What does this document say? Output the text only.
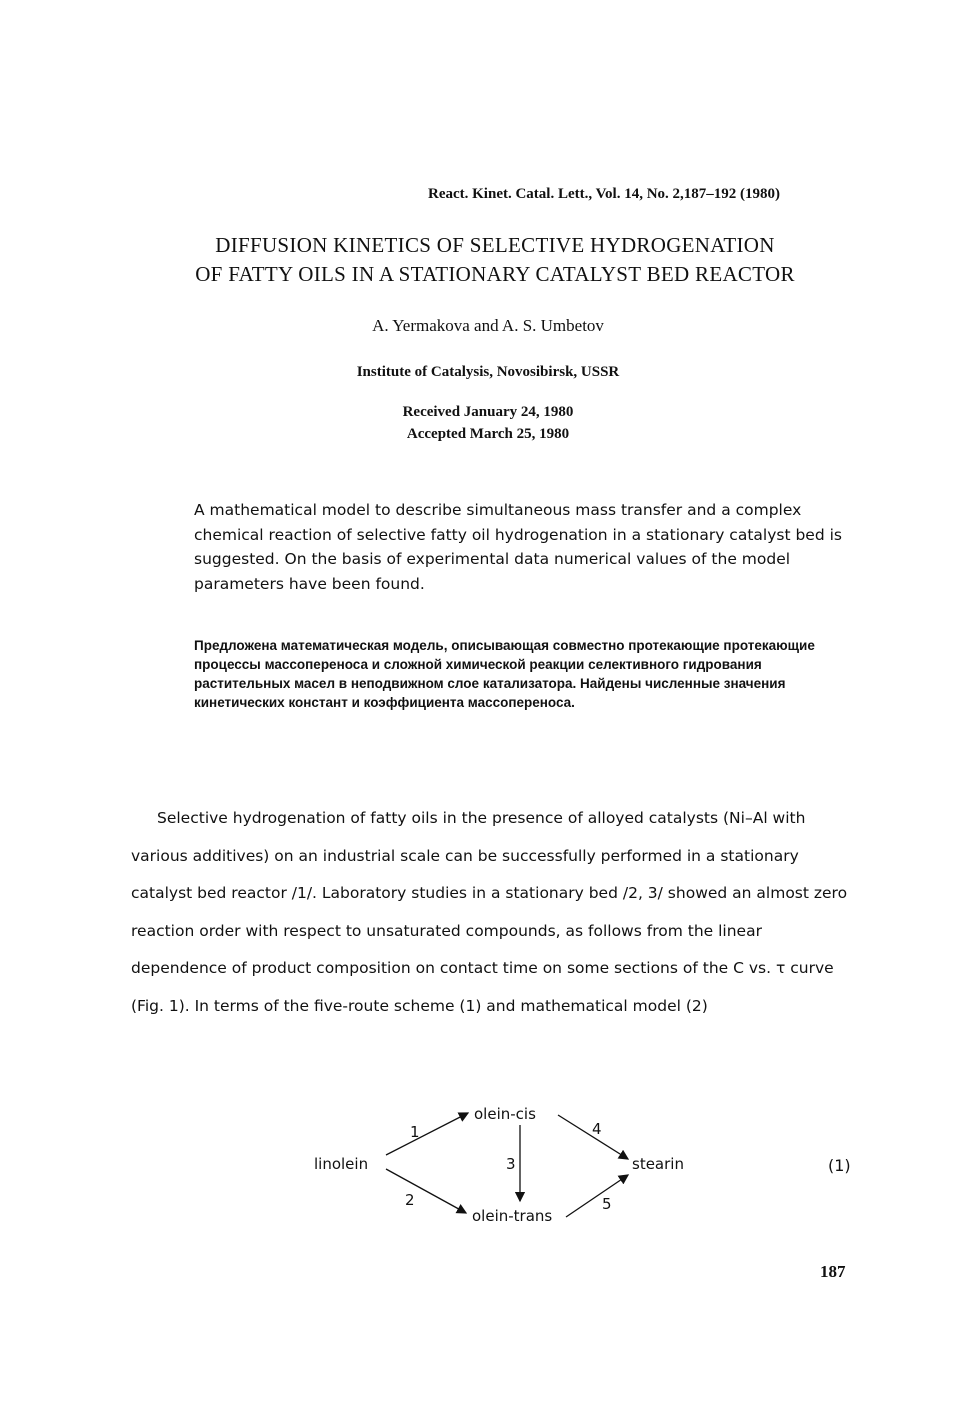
React. Kinet. Catal. Lett., Vol. 14, No. 2,187–192 (1980)
DIFFUSION KINETICS OF SELECTIVE HYDROGENATION
OF FATTY OILS IN A STATIONARY CATALYST BED REACTOR
A. Yermakova and A. S. Umbetov
Institute of Catalysis, Novosibirsk, USSR
Received January 24, 1980
Accepted March 25, 1980
A mathematical model to describe simultaneous mass transfer and a complex chemical reaction of selective fatty oil hydrogenation in a stationary catalyst bed is suggested. On the basis of experimental data numerical values of the model parameters have been found.
Предложена математическая модель, описывающая совместно протекающие протекающие процессы массопереноса и сложной химической реакции селективного гидрования растительных масел в неподвижном слое катализатора. Найдены численные значения кинетических констант и коэффициента массопереноса.
Selective hydrogenation of fatty oils in the presence of alloyed catalysts (Ni–Al with various additives) on an industrial scale can be successfully performed in a stationary catalyst bed reactor /1/. Laboratory studies in a stationary bed /2, 3/ showed an almost zero reaction order with respect to unsaturated compounds, as follows from the linear dependence of product composition on contact time on some sections of the C vs. τ curve (Fig. 1). In terms of the five-route scheme (1) and mathematical model (2)
linolein
olein-cis
olein-trans
stearin
1
2
3
4
5
(1)
187
